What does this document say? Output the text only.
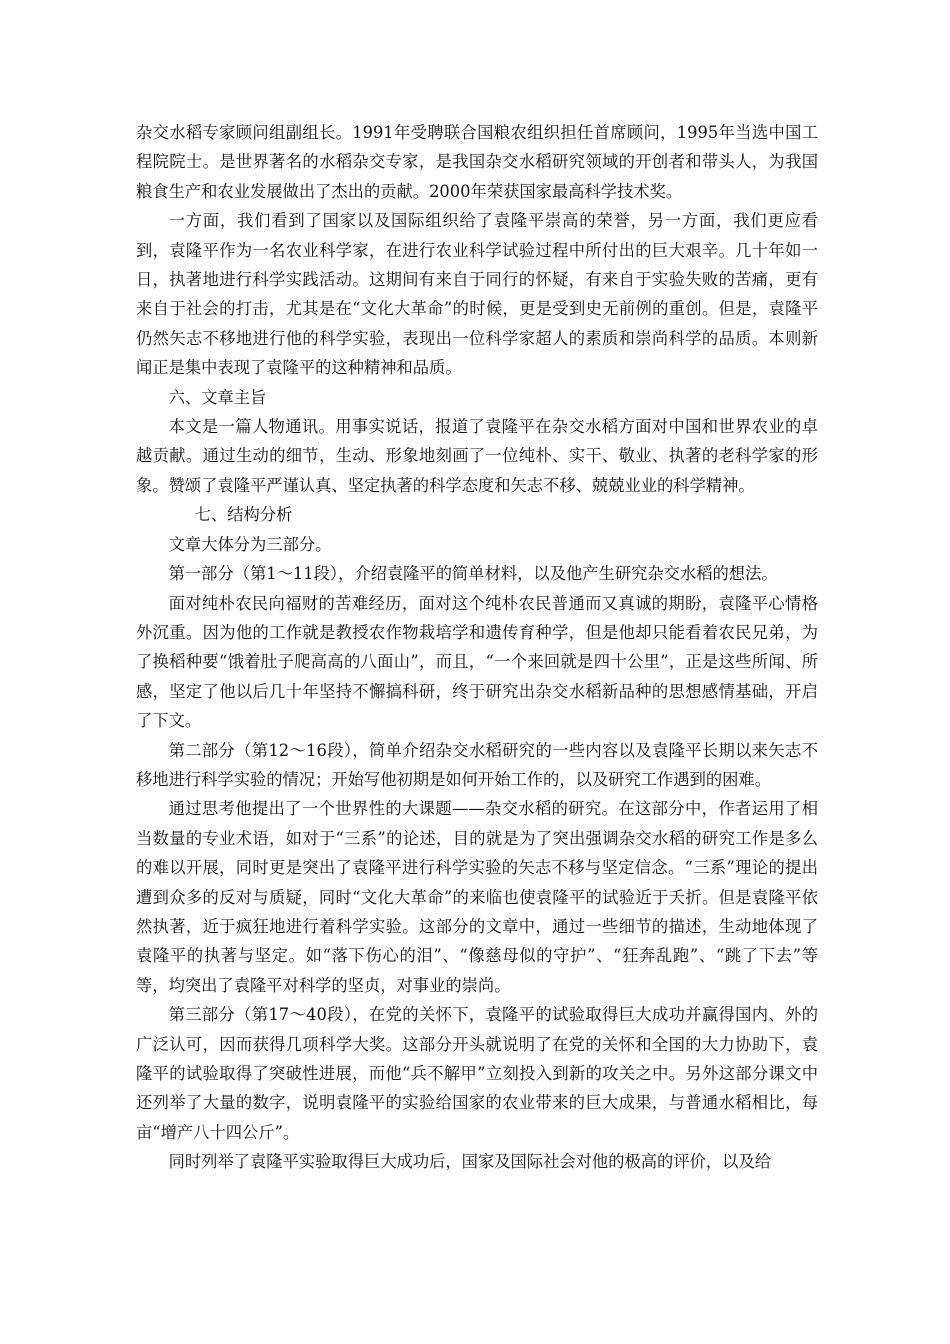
杂交水稻专家顾问组副组长。1991年受聘联合国粮农组织担任首席顾问，1995年当选中国工程院院士。是世界著名的水稻杂交专家，是我国杂交水稻研究领域的开创者和带头人，为我国粮食生产和农业发展做出了杰出的贡献。2000年荣获国家最高科学技术奖。

一方面，我们看到了国家以及国际组织给了袁隆平崇高的荣誉，另一方面，我们更应看到，袁隆平作为一名农业科学家，在进行农业科学试验过程中所付出的巨大艰辛。几十年如一日，执著地进行科学实践活动。这期间有来自于同行的怀疑，有来自于实验失败的苦痛，更有来自于社会的打击，尤其是在“文化大革命”的时候，更是受到史无前例的重创。但是，袁隆平仍然矢志不移地进行他的科学实验，表现出一位科学家超人的素质和崇尚科学的品质。本则新闻正是集中表现了袁隆平的这种精神和品质。

六、文章主旨

本文是一篇人物通讯。用事实说话，报道了袁隆平在杂交水稻方面对中国和世界农业的卓越贡献。通过生动的细节，生动、形象地刻画了一位纯朴、实干、敬业、执著的老科学家的形象。赞颂了袁隆平严谨认真、坚定执著的科学态度和矢志不移、兢兢业业的科学精神。

七、结构分析

文章大体分为三部分。

第一部分（第1～11段），介绍袁隆平的简单材料，以及他产生研究杂交水稻的想法。

面对纯朴农民向福财的苦难经历，面对这个纯朴农民普通而又真诚的期盼，袁隆平心情格外沉重。因为他的工作就是教授农作物栽培学和遗传育种学，但是他却只能看着农民兄弟，为了换稻种要“饿着肚子爬高高的八面山”，而且，“一个来回就是四十公里”，正是这些所闻、所感，坚定了他以后几十年坚持不懈搞科研，终于研究出杂交水稻新品种的思想感情基础，开启了下文。

第二部分（第12～16段），简单介绍杂交水稻研究的一些内容以及袁隆平长期以来矢志不移地进行科学实验的情况；开始写他初期是如何开始工作的，以及研究工作遇到的困难。

通过思考他提出了一个世界性的大课题——杂交水稻的研究。在这部分中，作者运用了相当数量的专业术语，如对于“三系”的论述，目的就是为了突出强调杂交水稻的研究工作是多么的难以开展，同时更是突出了袁隆平进行科学实验的矢志不移与坚定信念。“三系”理论的提出遭到众多的反对与质疑，同时“文化大革命”的来临也使袁隆平的试验近于夭折。但是袁隆平依然执著，近于疯狂地进行着科学实验。这部分的文章中，通过一些细节的描述，生动地体现了袁隆平的执著与坚定。如“落下伤心的泪”、“像慈母似的守护”、“狂奔乱跑”、“跳了下去”等等，均突出了袁隆平对科学的坚贞，对事业的崇尚。

第三部分（第17～40段），在党的关怀下，袁隆平的试验取得巨大成功并赢得国内、外的广泛认可，因而获得几项科学大奖。这部分开头就说明了在党的关怀和全国的大力协助下，袁隆平的试验取得了突破性进展，而他“兵不解甲”立刻投入到新的攻关之中。另外这部分课文中还列举了大量的数字，说明袁隆平的实验给国家的农业带来的巨大成果，与普通水稻相比，每亩“增产八十四公斤”。

同时列举了袁隆平实验取得巨大成功后，国家及国际社会对他的极高的评价，以及给
